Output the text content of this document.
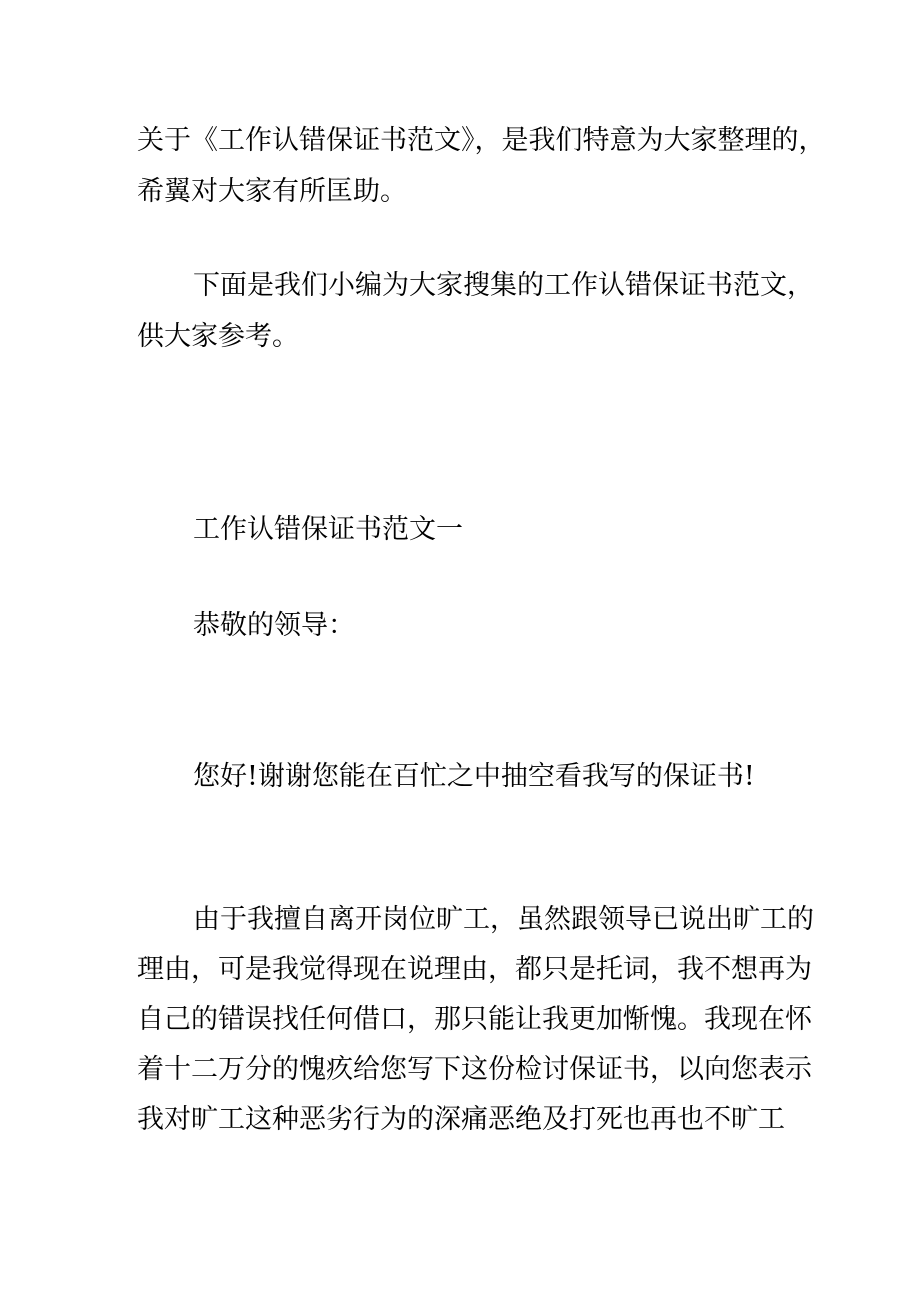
关于《工作认错保证书范文》，是我们特意为大家整理的，
希翼对大家有所匡助。
下面是我们小编为大家搜集的工作认错保证书范文，
供大家参考。
工作认错保证书范文一
恭敬的领导：
您好!谢谢您能在百忙之中抽空看我写的保证书!
由于我擅自离开岗位旷工，虽然跟领导已说出旷工的
理由，可是我觉得现在说理由，都只是托词，我不想再为
自己的错误找任何借口，那只能让我更加惭愧。我现在怀
着十二万分的愧疚给您写下这份检讨保证书，以向您表示
我对旷工这种恶劣行为的深痛恶绝及打死也再也不旷工
